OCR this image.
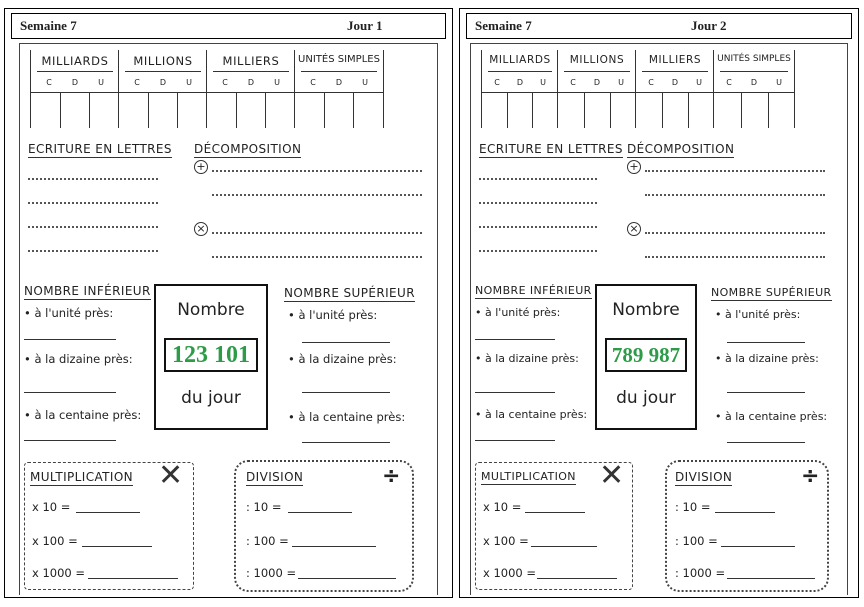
Semaine 7	Jour 1
MILLIARDS
C	D	U
MILLIONS
C	D	U
MILLIERS
C	D	U
UNITÉS SIMPLES
C	D	U
ECRITURE EN LETTRES DÉCOMPOSITION
+
×
NOMBRE INFÉRIEUR
• à l'unité près:
• à la dizaine près:
• à la centaine près:
Nombre
123 101
du jour
NOMBRE SUPÉRIEUR
• à l'unité près:
• à la dizaine près:
• à la centaine près:
MULTIPLICATION ✕
x 10 =
x 100 =
x 1000 =
DIVISION	÷
: 10 =
: 100 =
: 1000 =
Semaine 7	Jour 2
MILLIARDS
C	D	U
MILLIONS
C	D	U
MILLIERS
C	D	U
UNITÉS SIMPLES
C	D	U
ECRITURE EN LETTRES DÉCOMPOSITION
+
×
NOMBRE INFÉRIEUR
• à l'unité près:
• à la dizaine près:
• à la centaine près:
Nombre
789 987
du jour
NOMBRE SUPÉRIEUR
• à l'unité près:
• à la dizaine près:
• à la centaine près:
MULTIPLICATION ✕
x 10 =
x 100 =
x 1000 =
DIVISION	÷
: 10 =
: 100 =
: 1000 =
